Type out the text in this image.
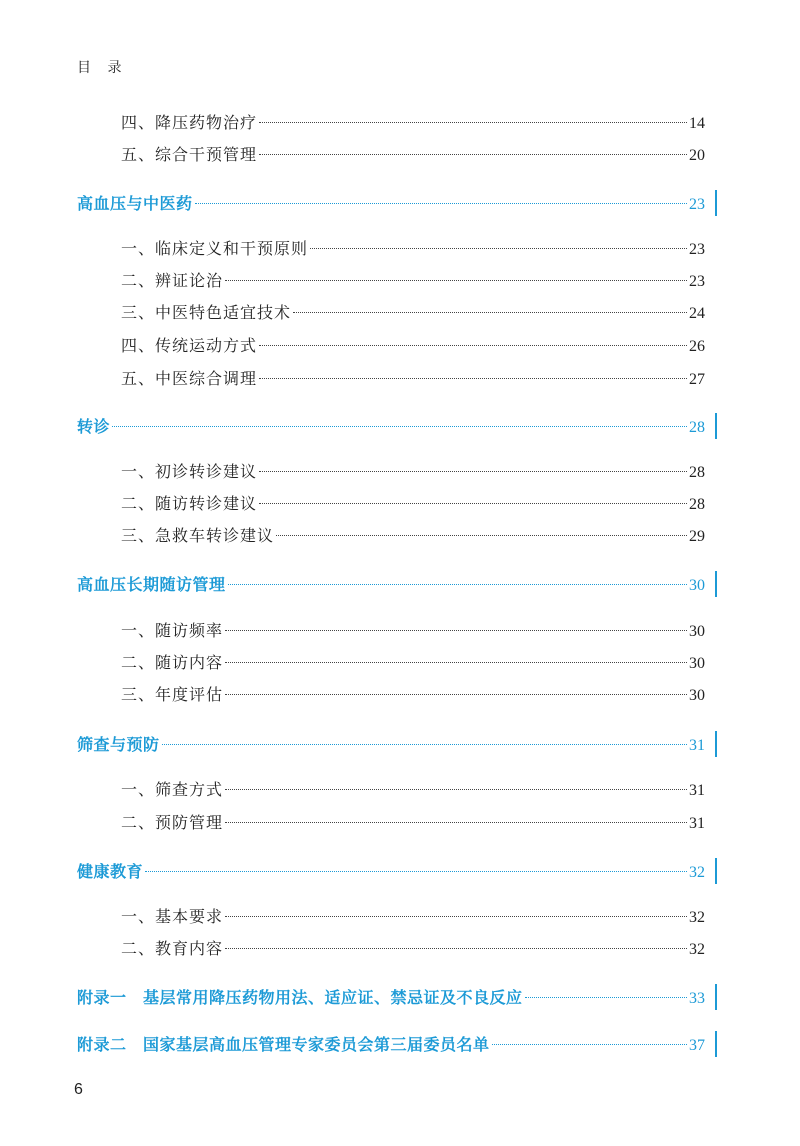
目 录
四、降压药物治疗	14
五、综合干预管理	20
高血压与中医药	23
一、临床定义和干预原则	23
二、辨证论治	23
三、中医特色适宜技术	24
四、传统运动方式	26
五、中医综合调理	27
转诊	28
一、初诊转诊建议	28
二、随访转诊建议	28
三、急救车转诊建议	29
高血压长期随访管理	30
一、随访频率	30
二、随访内容	30
三、年度评估	30
筛查与预防	31
一、筛查方式	31
二、预防管理	31
健康教育	32
一、基本要求	32
二、教育内容	32
附录一　基层常用降压药物用法、适应证、禁忌证及不良反应	33
附录二　国家基层高血压管理专家委员会第三届委员名单	37
6
